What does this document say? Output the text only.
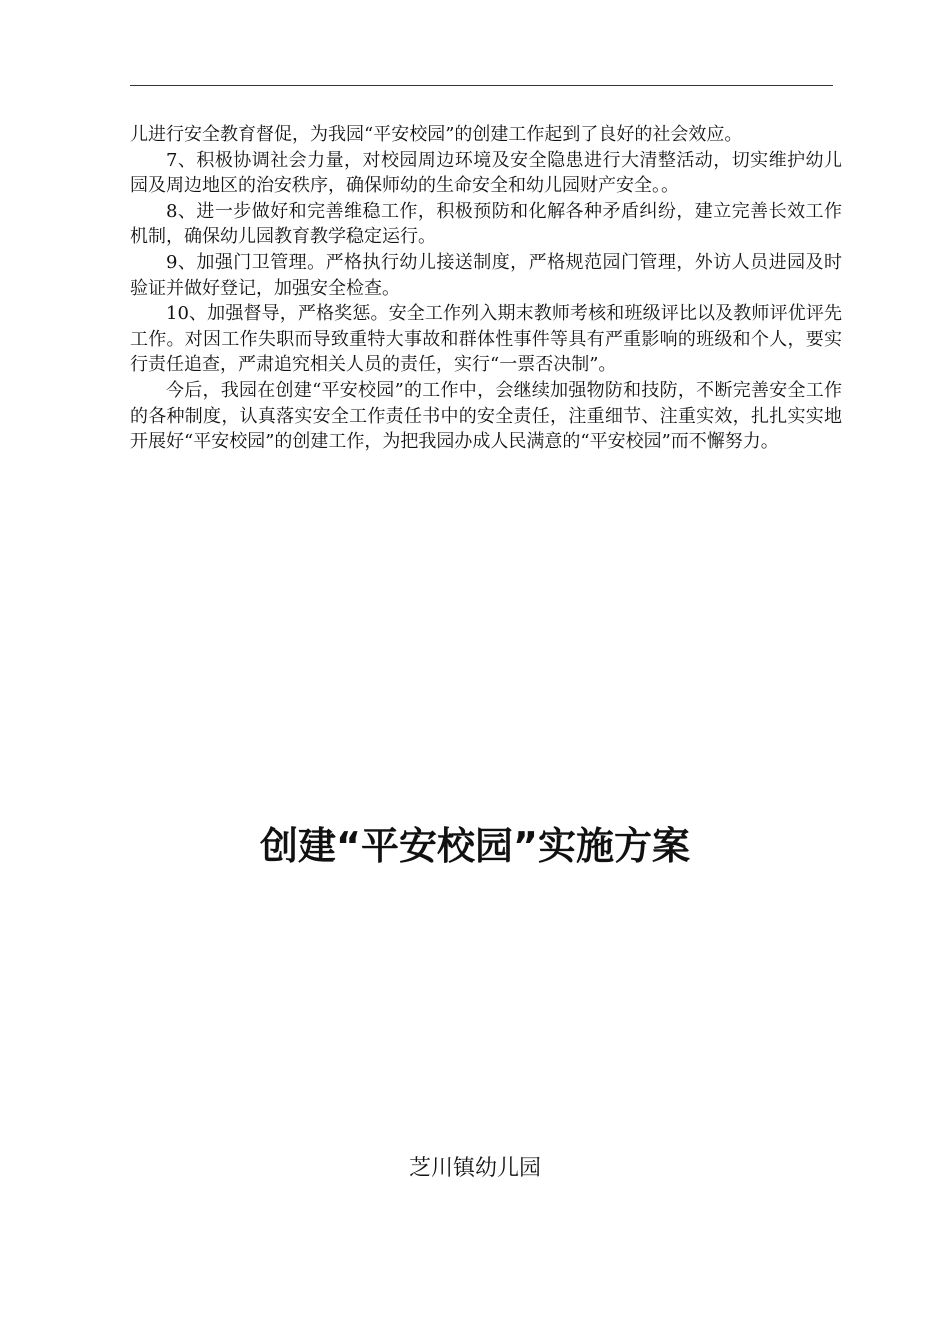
儿进行安全教育督促，为我园“平安校园”的创建工作起到了良好的社会效应。

7、积极协调社会力量，对校园周边环境及安全隐患进行大清整活动，切实维护幼儿园及周边地区的治安秩序，确保师幼的生命安全和幼儿园财产安全。。

8、进一步做好和完善维稳工作，积极预防和化解各种矛盾纠纷，建立完善长效工作机制，确保幼儿园教育教学稳定运行。

9、加强门卫管理。严格执行幼儿接送制度，严格规范园门管理，外访人员进园及时验证并做好登记，加强安全检查。

10、加强督导，严格奖惩。安全工作列入期末教师考核和班级评比以及教师评优评先工作。对因工作失职而导致重特大事故和群体性事件等具有严重影响的班级和个人，要实行责任追查，严肃追究相关人员的责任，实行“一票否决制”。

今后，我园在创建“平安校园”的工作中，会继续加强物防和技防，不断完善安全工作的各种制度，认真落实安全工作责任书中的安全责任，注重细节、注重实效，扎扎实实地开展好“平安校园”的创建工作，为把我园办成人民满意的“平安校园”而不懈努力。

创建“平安校园”实施方案
芝川镇幼儿园
